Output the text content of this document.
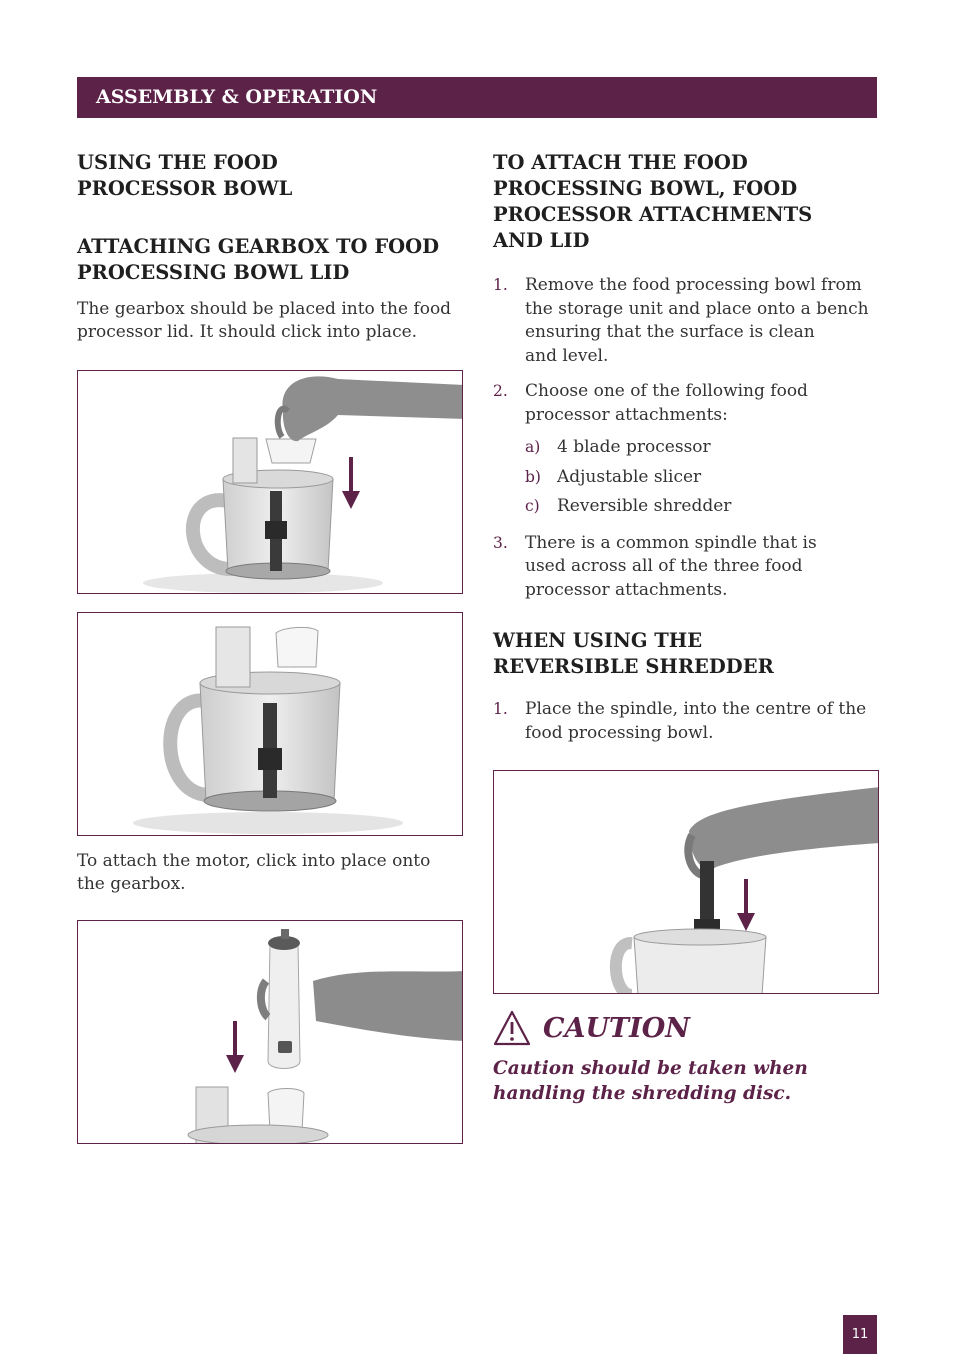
ASSEMBLY & OPERATION
USING THE FOOD
PROCESSOR BOWL
ATTACHING GEARBOX TO FOOD
PROCESSING BOWL LID

The gearbox should be placed into the food
processor lid. It should click into place.

To attach the motor, click into place onto
the gearbox.

TO ATTACH THE FOOD
PROCESSING BOWL, FOOD
PROCESSOR ATTACHMENTS
AND LID
1. Remove the food processing bowl from
the storage unit and place onto a bench
ensuring that the surface is clean
and level.
2. Choose one of the following food
processor attachments:
a) 4 blade processor
b) Adjustable slicer
c) Reversible shredder
3. There is a common spindle that is
used across all of the three food
processor attachments.
WHEN USING THE
REVERSIBLE SHREDDER
1. Place the spindle, into the centre of the
food processing bowl.
CAUTION

Caution should be taken when
handling the shredding disc.

11
